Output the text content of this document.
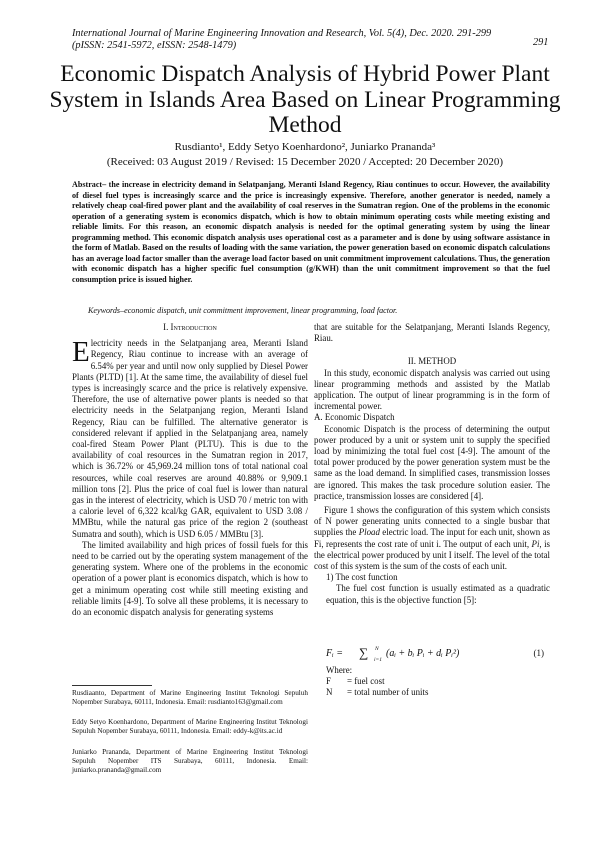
International Journal of Marine Engineering Innovation and Research, Vol. 5(4), Dec. 2020. 291-299
(pISSN: 2541-5972, eISSN: 2548-1479)	291
Economic Dispatch Analysis of Hybrid Power Plant System in Islands Area Based on Linear Programming Method
Rusdianto¹, Eddy Setyo Koenhardono², Juniarko Prananda³
(Received: 03 August 2019 / Revised: 15 December 2020 / Accepted: 20 December 2020)

Abstract– the increase in electricity demand in Selatpanjang, Meranti Island Regency, Riau continues to occur. However, the availability of diesel fuel types is increasingly scarce and the price is increasingly expensive. Therefore, another generator is needed, namely a relatively cheap coal-fired power plant and the availability of coal reserves in the Sumatran region. One of the problems in the economic operation of a generating system is economics dispatch, which is how to obtain minimum operating costs while meeting existing and reliable limits. For this reason, an economic dispatch analysis is needed for the optimal generating system by using the linear programming method. This economic dispatch analysis uses operational cost as a parameter and is done by using software assistance in the form of Matlab. Based on the results of loading with the same variation, the power generation based on economic dispatch calculations has an average load factor smaller than the average load factor based on unit commitment improvement calculations. Thus, the generation with economic dispatch has a higher specific fuel consumption (g/KWH) than the unit commitment improvement so that the fuel consumption price is issued higher.

Keywords–economic dispatch, unit commitment improvement, linear programming, load factor.

I. Introduction

Electricity needs in the Selatpanjang area, Meranti Island Regency, Riau continue to increase with an average of 6.54% per year and until now only supplied by Diesel Power Plants (PLTD) [1]. At the same time, the availability of diesel fuel types is increasingly scarce and the price is relatively expensive. Therefore, the use of alternative power plants is needed so that electricity needs in the Selatpanjang region, Meranti Island Regency, Riau can be fulfilled. The alternative generator is considered relevant if applied in the Selatpanjang area, namely coal-fired Steam Power Plant (PLTU). This is due to the availability of coal resources in the Sumatran region in 2017, which is 36.72% or 45,969.24 million tons of total national coal resources, while coal reserves are around 40.88% or 9,909.1 million tons [2]. Plus the price of coal fuel is lower than natural gas in the interest of electricity, which is USD 70 / metric ton with a calorie level of 6,322 kcal/kg GAR, equivalent to USD 3.08 / MMBtu, while the natural gas price of the region 2 (southeast Sumatra and south), which is USD 6.05 / MMBtu [3].

The limited availability and high prices of fossil fuels for this need to be carried out by the operating system management of the generating system. Where one of the problems in the economic operation of a power plant is economics dispatch, which is how to get a minimum operating cost while still meeting existing and reliable limits [4-9]. To solve all these problems, it is necessary to do an economic dispatch analysis for generating systems

Rusdiaanto, Department of Marine Engineering Institut Teknologi Sepuluh Nopember Surabaya, 60111, Indonesia. Email: rusdianto163@gmail.com

Eddy Setyo Koenhardono, Department of Marine Engineering Institut Teknologi Sepuluh Nopember Surabaya, 60111, Indonesia. Email: eddy-k@its.ac.id

Juniarko Prananda, Department of Marine Engineering Institut Teknologi Sepuluh Nopember ITS Surabaya, 60111, Indonesia. Email: juniarko.prananda@gmail.com

that are suitable for the Selatpanjang, Meranti Islands Regency, Riau.

II. METHOD

In this study, economic dispatch analysis was carried out using linear programming methods and assisted by the Matlab application. The output of linear programming is in the form of incremental power.

A. Economic Dispatch

Economic Dispatch is the process of determining the output power produced by a unit or system unit to supply the specified load by minimizing the total fuel cost [4-9]. The amount of the total power produced by the power generation system must be the same as the load demand. In simplified cases, transmission losses are ignored. This makes the task procedure solution easier. The practice, transmission losses are considered [4].

Figure 1 shows the configuration of this system which consists of N power generating units connected to a single busbar that supplies the Pload electric load. The input for each unit, shown as Fi, represents the cost rate of unit i. The output of each unit, Pi, is the electrical power produced by unit I itself. The level of the total cost of this system is the sum of the costs of each unit.

1) The cost function

The fuel cost function is usually estimated as a quadratic equation, this is the objective function [5]:

Fᵢ = ∑ N
i=1
(aᵢ + bᵢ Pᵢ + dᵢ Pᵢ²)	(1)
Where:
F = fuel cost
N = total number of units
